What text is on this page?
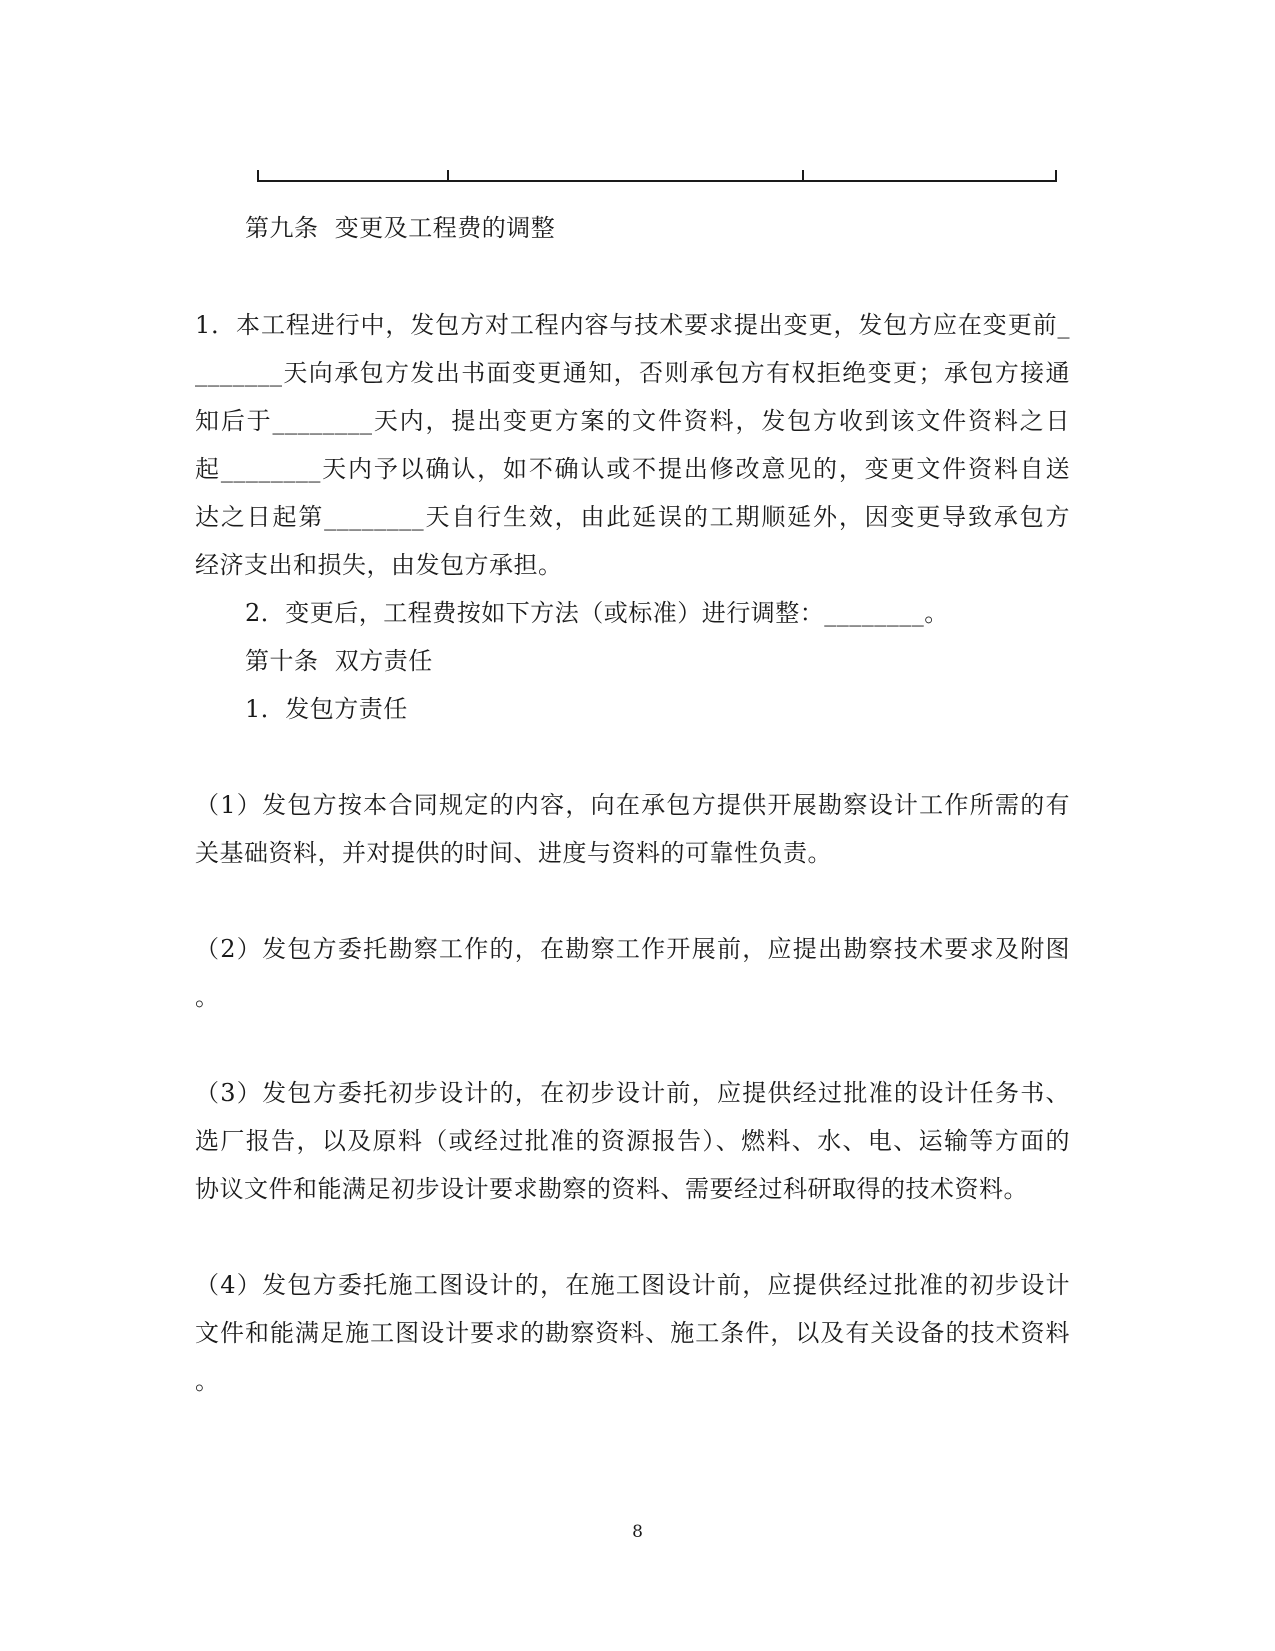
第九条  变更及工程费的调整
1．本工程进行中，发包方对工程内容与技术要求提出变更，发包方应在变更前_
_______天向承包方发出书面变更通知，否则承包方有权拒绝变更；承包方接通
知后于________天内，提出变更方案的文件资料，发包方收到该文件资料之日
起________天内予以确认，如不确认或不提出修改意见的，变更文件资料自送
达之日起第________天自行生效，由此延误的工期顺延外，因变更导致承包方
经济支出和损失，由发包方承担。
2．变更后，工程费按如下方法（或标准）进行调整：________。
第十条  双方责任
1．发包方责任
（1）发包方按本合同规定的内容，向在承包方提供开展勘察设计工作所需的有
关基础资料，并对提供的时间、进度与资料的可靠性负责。
（2）发包方委托勘察工作的，在勘察工作开展前，应提出勘察技术要求及附图
。
（3）发包方委托初步设计的，在初步设计前，应提供经过批准的设计任务书、
选厂报告，以及原料（或经过批准的资源报告）、燃料、水、电、运输等方面的
协议文件和能满足初步设计要求勘察的资料、需要经过科研取得的技术资料。
（4）发包方委托施工图设计的，在施工图设计前，应提供经过批准的初步设计
文件和能满足施工图设计要求的勘察资料、施工条件，以及有关设备的技术资料
。
8
